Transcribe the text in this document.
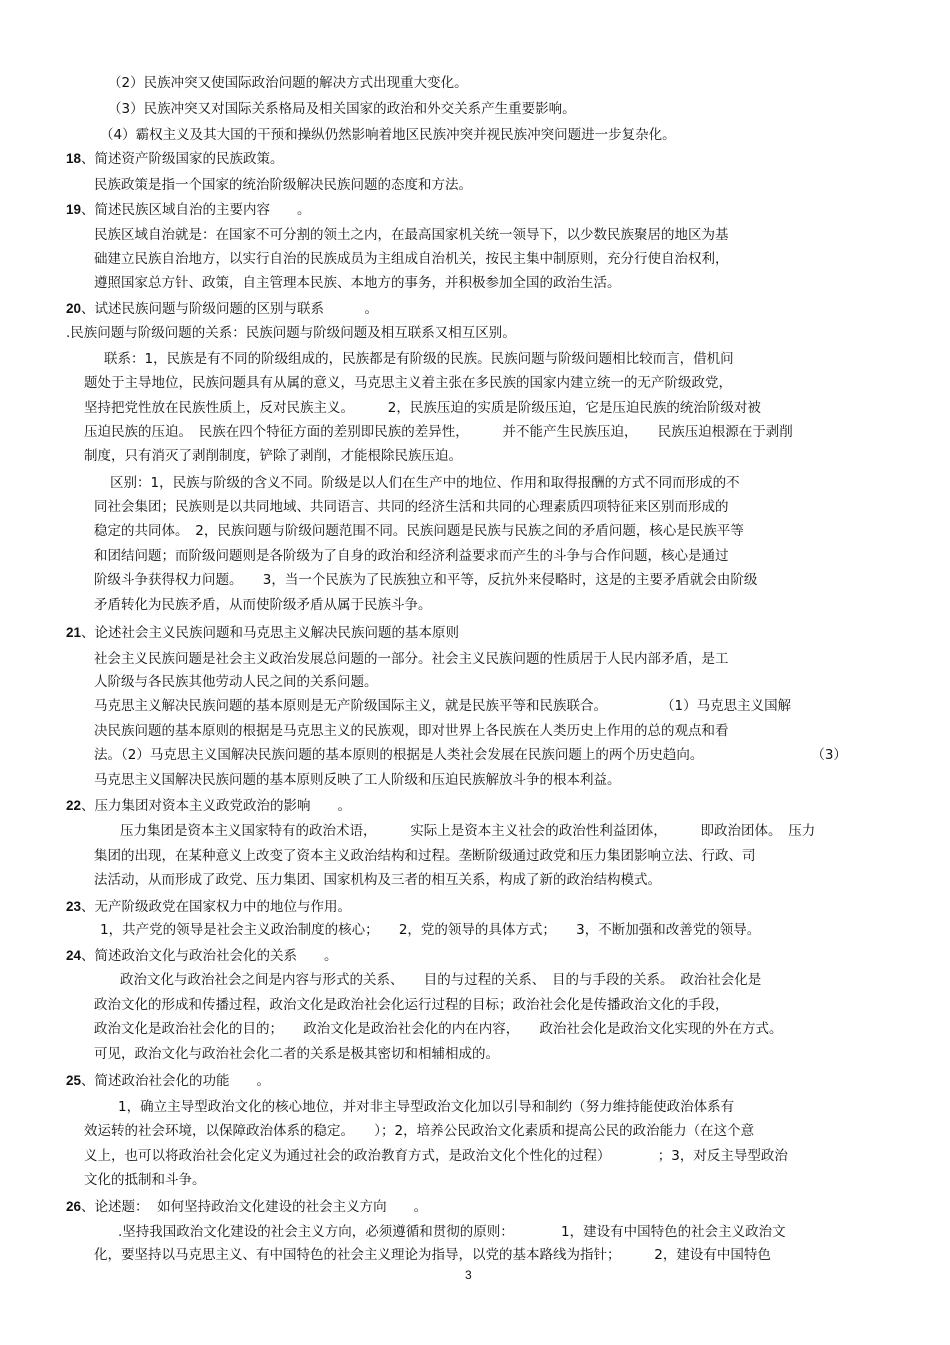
（2）民族冲突又使国际政治问题的解决方式出现重大变化。
（3）民族冲突又对国际关系格局及相关国家的政治和外交关系产生重要影响。
（4）霸权主义及其大国的干预和操纵仍然影响着地区民族冲突并视民族冲突问题进一步复杂化。
18、简述资产阶级国家的民族政策。
民族政策是指一个国家的统治阶级解决民族问题的态度和方法。
19、简述民族区域自治的主要内容　　。
民族区域自治就是：在国家不可分割的领土之内，在最高国家机关统一领导下，以少数民族聚居的地区为基
础建立民族自治地方，以实行自治的民族成员为主组成自治机关，按民主集中制原则，充分行使自治权利，
遵照国家总方针、政策，自主管理本民族、本地方的事务，并积极参加全国的政治生活。
20、试述民族问题与阶级问题的区别与联系　　　。
.民族问题与阶级问题的关系：民族问题与阶级问题及相互联系又相互区别。
联系：1，民族是有不同的阶级组成的，民族都是有阶级的民族。民族问题与阶级问题相比较而言，借机问
题处于主导地位，民族问题具有从属的意义，马克思主义着主张在多民族的国家内建立统一的无产阶级政党，
坚持把党性放在民族性质上，反对民族主义。　　　2，民族压迫的实质是阶级压迫，它是压迫民族的统治阶级对被
压迫民族的压迫。　民族在四个特征方面的差别即民族的差异性，　　　并不能产生民族压迫，　　民族压迫根源在于剥削
制度，只有消灭了剥削制度，铲除了剥削，才能根除民族压迫。
区别：1，民族与阶级的含义不同。阶级是以人们在生产中的地位、作用和取得报酬的方式不同而形成的不
同社会集团；民族则是以共同地域、共同语言、共同的经济生活和共同的心理素质四项特征来区别而形成的
稳定的共同体。　2，民族问题与阶级问题范围不同。民族问题是民族与民族之间的矛盾问题，核心是民族平等
和团结问题；而阶级问题则是各阶级为了自身的政治和经济利益要求而产生的斗争与合作问题，核心是通过
阶级斗争获得权力问题。　　3，当一个民族为了民族独立和平等，反抗外来侵略时，这是的主要矛盾就会由阶级
矛盾转化为民族矛盾，从而使阶级矛盾从属于民族斗争。
21、论述社会主义民族问题和马克思主义解决民族问题的基本原则
社会主义民族问题是社会主义政治发展总问题的一部分。社会主义民族问题的性质居于人民内部矛盾，是工
人阶级与各民族其他劳动人民之间的关系问题。
马克思主义解决民族问题的基本原则是无产阶级国际主义，就是民族平等和民族联合。　　　　　（1）马克思主义国解
决民族问题的基本原则的根据是马克思主义的民族观，即对世界上各民族在人类历史上作用的总的观点和看
法。（2）马克思主义国解决民族问题的基本原则的根据是人类社会发展在民族问题上的两个历史趋向。　　　　　　　　　（3）
马克思主义国解决民族问题的基本原则反映了工人阶级和压迫民族解放斗争的根本利益。
22、压力集团对资本主义政党政治的影响　　。
压力集团是资本主义国家特有的政治术语，　　　实际上是资本主义社会的政治性利益团体，　　　即政治团体。　压力
集团的出现，在某种意义上改变了资本主义政治结构和过程。垄断阶级通过政党和压力集团影响立法、行政、司
法活动，从而形成了政党、压力集团、国家机构及三者的相互关系，构成了新的政治结构模式。
23、无产阶级政党在国家权力中的地位与作用。
1，共产党的领导是社会主义政治制度的核心；　　2，党的领导的具体方式；　　3，不断加强和改善党的领导。
24、简述政治文化与政治社会化的关系　　。
政治文化与政治社会之间是内容与形式的关系、　　目的与过程的关系、　目的与手段的关系。　政治社会化是
政治文化的形成和传播过程，政治文化是政治社会化运行过程的目标；政治社会化是传播政治文化的手段，
政治文化是政治社会化的目的；　　政治文化是政治社会化的内在内容，　　政治社会化是政治文化实现的外在方式。
可见，政治文化与政治社会化二者的关系是极其密切和相辅相成的。
25、简述政治社会化的功能　　。
1，确立主导型政治文化的核心地位，并对非主导型政治文化加以引导和制约（努力维持能使政治体系有
效运转的社会环境，以保障政治体系的稳定。　　）；2，培养公民政治文化素质和提高公民的政治能力（在这个意
义上，也可以将政治社会化定义为通过社会的政治教育方式，是政治文化个性化的过程）　　　　；3，对反主导型政治
文化的抵制和斗争。
26、论述题：  如何坚持政治文化建设的社会主义方向　　。
.坚持我国政治文化建设的社会主义方向，必须遵循和贯彻的原则：　　　　1，建设有中国特色的社会主义政治文
化，要坚持以马克思主义、有中国特色的社会主义理论为指导，以党的基本路线为指针；　　　2，建设有中国特色
3
